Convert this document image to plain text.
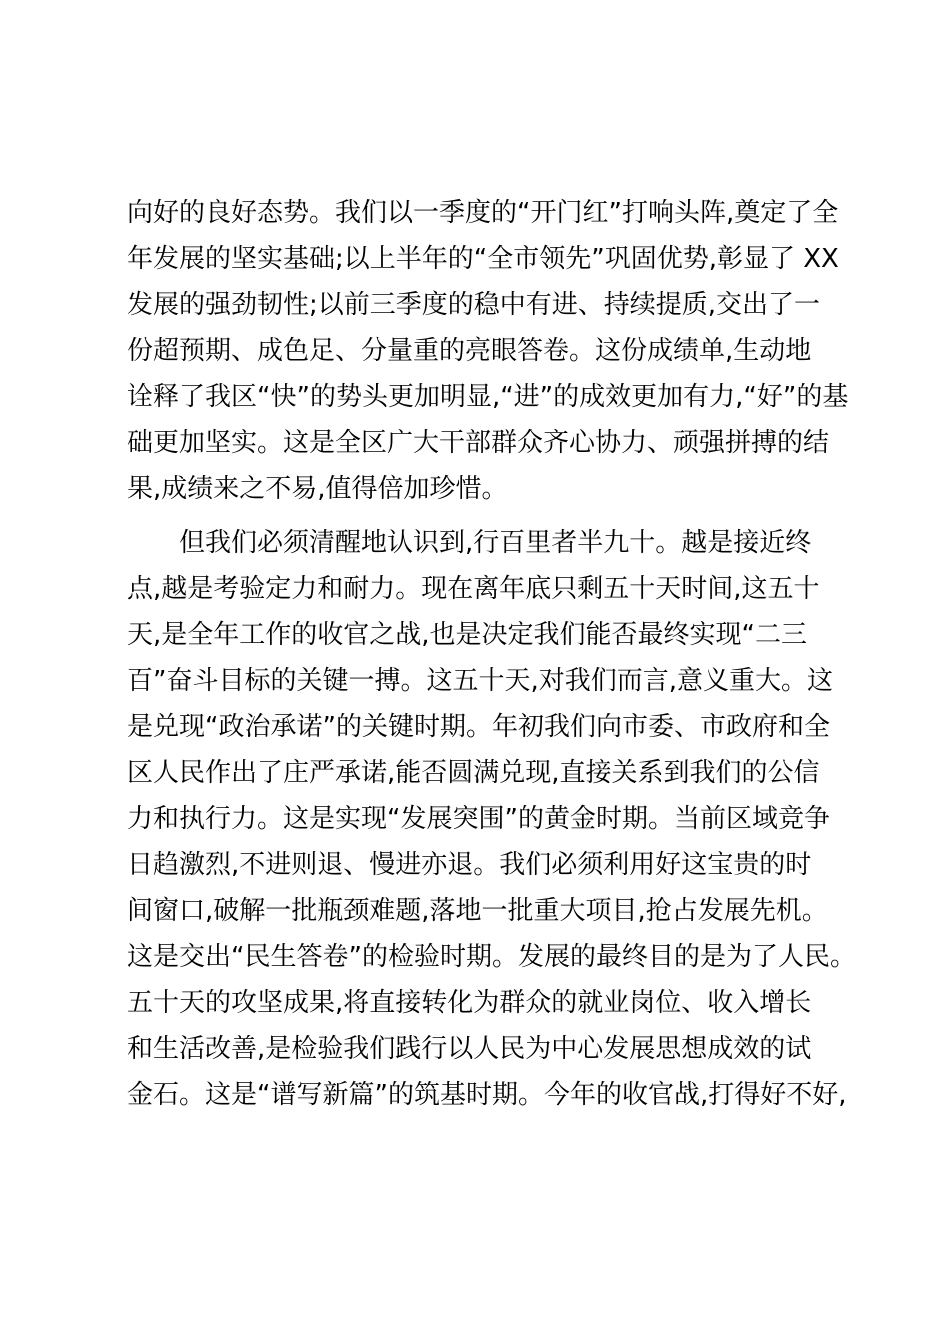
向好的良好态势。我们以一季度的“开门红”打响头阵,奠定了全
年发展的坚实基础;以上半年的“全市领先”巩固优势,彰显了 XX
发展的强劲韧性;以前三季度的稳中有进、持续提质,交出了一
份超预期、成色足、分量重的亮眼答卷。这份成绩单,生动地
诠释了我区“快”的势头更加明显,“进”的成效更加有力,“好”的基
础更加坚实。这是全区广大干部群众齐心协力、顽强拼搏的结
果,成绩来之不易,值得倍加珍惜。
　　但我们必须清醒地认识到,行百里者半九十。越是接近终
点,越是考验定力和耐力。现在离年底只剩五十天时间,这五十
天,是全年工作的收官之战,也是决定我们能否最终实现“二三
百”奋斗目标的关键一搏。这五十天,对我们而言,意义重大。这
是兑现“政治承诺”的关键时期。年初我们向市委、市政府和全
区人民作出了庄严承诺,能否圆满兑现,直接关系到我们的公信
力和执行力。这是实现“发展突围”的黄金时期。当前区域竞争
日趋激烈,不进则退、慢进亦退。我们必须利用好这宝贵的时
间窗口,破解一批瓶颈难题,落地一批重大项目,抢占发展先机。
这是交出“民生答卷”的检验时期。发展的最终目的是为了人民。
五十天的攻坚成果,将直接转化为群众的就业岗位、收入增长
和生活改善,是检验我们践行以人民为中心发展思想成效的试
金石。这是“谱写新篇”的筑基时期。今年的收官战,打得好不好,
